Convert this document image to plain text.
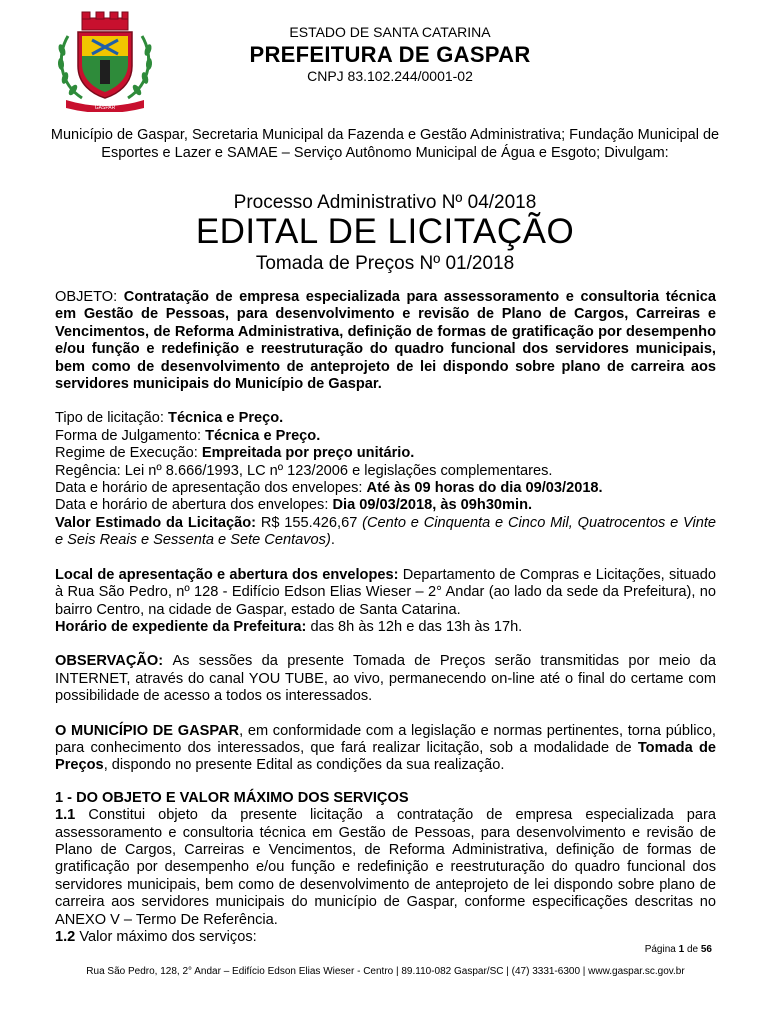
GASPAR
ESTADO DE SANTA CATARINA
PREFEITURA DE GASPAR
CNPJ 83.102.244/0001-02
Município de Gaspar, Secretaria Municipal da Fazenda e Gestão Administrativa; Fundação Municipal de Esportes e Lazer e SAMAE – Serviço Autônomo Municipal de Água e Esgoto; Divulgam:
Processo Administrativo Nº 04/2018
EDITAL DE LICITAÇÃO
Tomada de Preços Nº 01/2018

OBJETO: Contratação de empresa especializada para assessoramento e consultoria técnica em Gestão de Pessoas, para desenvolvimento e revisão de Plano de Cargos, Carreiras e Vencimentos, de Reforma Administrativa, definição de formas de gratificação por desempenho e/ou função e redefinição e reestruturação do quadro funcional dos servidores municipais, bem como de desenvolvimento de anteprojeto de lei dispondo sobre plano de carreira aos servidores municipais do Município de Gaspar.

Tipo de licitação: Técnica e Preço.

Forma de Julgamento: Técnica e Preço.

Regime de Execução: Empreitada por preço unitário.

Regência: Lei nº 8.666/1993, LC nº 123/2006 e legislações complementares.

Data e horário de apresentação dos envelopes: Até às 09 horas do dia 09/03/2018.

Data e horário de abertura dos envelopes: Dia 09/03/2018, às 09h30min.

Valor Estimado da Licitação: R$ 155.426,67 (Cento e Cinquenta e Cinco Mil, Quatrocentos e Vinte e Seis Reais e Sessenta e Sete Centavos).

Local de apresentação e abertura dos envelopes: Departamento de Compras e Licitações, situado à Rua São Pedro, nº 128 - Edifício Edson Elias Wieser – 2° Andar (ao lado da sede da Prefeitura), no bairro Centro, na cidade de Gaspar, estado de Santa Catarina.

Horário de expediente da Prefeitura: das 8h às 12h e das 13h às 17h.

OBSERVAÇÃO: As sessões da presente Tomada de Preços serão transmitidas por meio da INTERNET, através do canal YOU TUBE, ao vivo, permanecendo on-line até o final do certame com possibilidade de acesso a todos os interessados.

O MUNICÍPIO DE GASPAR, em conformidade com a legislação e normas pertinentes, torna público, para conhecimento dos interessados, que fará realizar licitação, sob a modalidade de Tomada de Preços, dispondo no presente Edital as condições da sua realização.

1 - DO OBJETO E VALOR MÁXIMO DOS SERVIÇOS

1.1 Constitui objeto da presente licitação a contratação de empresa especializada para assessoramento e consultoria técnica em Gestão de Pessoas, para desenvolvimento e revisão de Plano de Cargos, Carreiras e Vencimentos, de Reforma Administrativa, definição de formas de gratificação por desempenho e/ou função e redefinição e reestruturação do quadro funcional dos servidores municipais, bem como de desenvolvimento de anteprojeto de lei dispondo sobre plano de carreira aos servidores municipais do município de Gaspar, conforme especificações descritas no ANEXO V – Termo De Referência.

1.2 Valor máximo dos serviços:

Página 1 de 56
Rua São Pedro, 128, 2° Andar – Edifício Edson Elias Wieser - Centro | 89.110-082 Gaspar/SC | (47) 3331-6300 | www.gaspar.sc.gov.br
